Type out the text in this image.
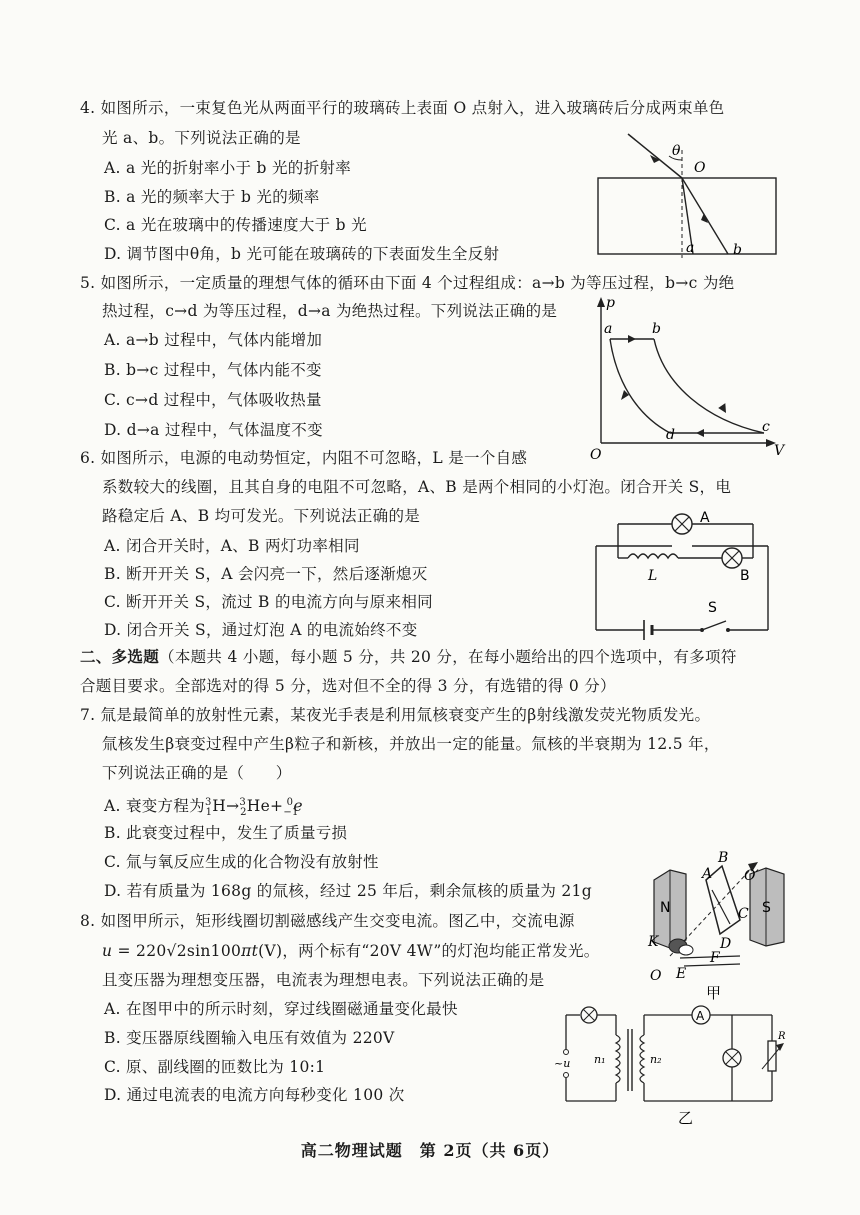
4. 如图所示，一束复色光从两面平行的玻璃砖上表面 O 点射入，进入玻璃砖后分成两束单色
光 a、b。下列说法正确的是
A. a 光的折射率小于 b 光的折射率
B. a 光的频率大于 b 光的频率
C. a 光在玻璃中的传播速度大于 b 光
D. 调节图中θ角，b 光可能在玻璃砖的下表面发生全反射
θ
O
a	b
5. 如图所示，一定质量的理想气体的循环由下面 4 个过程组成：a→b 为等压过程，b→c 为绝
热过程，c→d 为等压过程，d→a 为绝热过程。下列说法正确的是
A. a→b 过程中，气体内能增加
B. b→c 过程中，气体内能不变
C. c→d 过程中，气体吸收热量
D. d→a 过程中，气体温度不变
p
V
O
a	b
c
d
6. 如图所示，电源的电动势恒定，内阻不可忽略，L 是一个自感
系数较大的线圈，且其自身的电阻不可忽略，A、B 是两个相同的小灯泡。闭合开关 S，电
路稳定后 A、B 均可发光。下列说法正确的是
A. 闭合开关时，A、B 两灯功率相同
B. 断开开关 S，A 会闪亮一下，然后逐渐熄灭
C. 断开开关 S，流过 B 的电流方向与原来相同
D. 闭合开关 S，通过灯泡 A 的电流始终不变
A
B
L
S
二、多选题（本题共 4 小题，每小题 5 分，共 20 分，在每小题给出的四个选项中，有多项符
合题目要求。全部选对的得 5 分，选对但不全的得 3 分，有选错的得 0 分）
7. 氚是最简单的放射性元素，某夜光手表是利用氚核衰变产生的β射线激发荧光物质发光。
氚核发生β衰变过程中产生β粒子和新核，并放出一定的能量。氚核的半衰期为 12.5 年，
下列说法正确的是（　　）
A. 衰变方程为$^3_1H\to^3_2He+_{-1}^0e$
B. 此衰变过程中，发生了质量亏损
C. 氚与氧反应生成的化合物没有放射性
D. 若有质量为 168g 的氚核，经过 25 年后，剩余氚核的质量为 21g
8. 如图甲所示，矩形线圈切割磁感线产生交变电流。图乙中，交流电源
u = 220√2sin100πt(V)，两个标有“20V 4W”的灯泡均能正常发光。
且变压器为理想变压器，电流表为理想电表。下列说法正确的是
A. 在图甲中的所示时刻，穿过线圈磁通量变化最快
B. 变压器原线圈输入电压有效值为 220V
C. 原、副线圈的匝数比为 10:1
D. 通过电流表的电流方向每秒变化 100 次
B
A O′
N	S
C
D
K
F
E
O
甲
A
~u n₁	n₂
R
乙
高二物理试题　第 2页（共 6页）
